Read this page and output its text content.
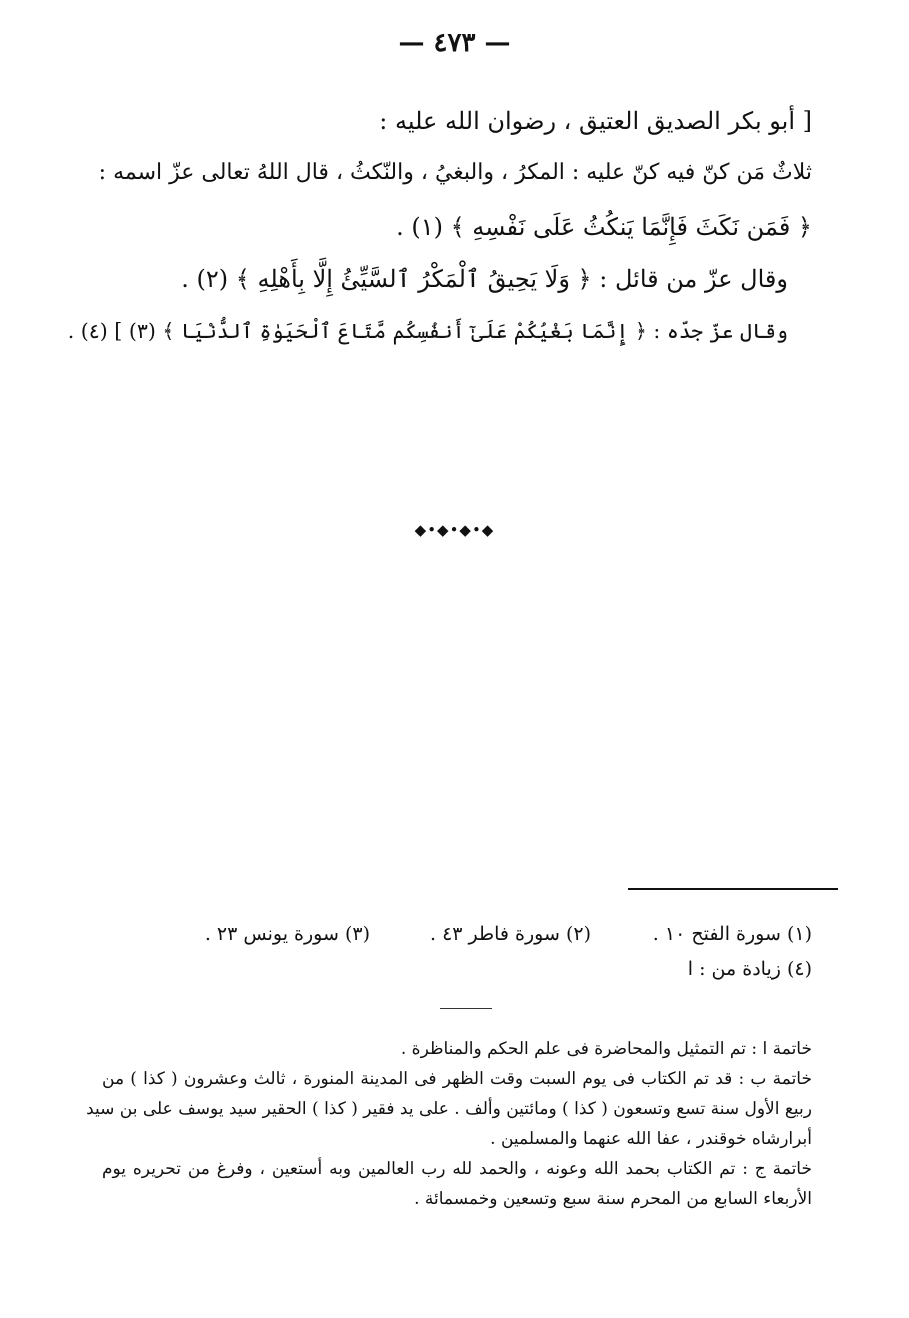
— ٤٧٣ —
[ أبو بكر الصديق العتيق ، رضوان الله عليه :
ثلاثٌ مَن كنّ فيه كنّ عليه : المكرُ ، والبغيُ ، والنّكثُ ، قال اللهُ تعالى عزّ اسمه :
﴿ فَمَن نَكَثَ فَإِنَّمَا يَنكُثُ عَلَى نَفْسِهِ ﴾ (١) .
وقال عزّ من قائل : ﴿ وَلَا يَحِيقُ ٱلْمَكْرُ ٱلسَّيِّئُ إِلَّا بِأَهْلِهِ ﴾ (٢) .
وقال عزّ جدّه : ﴿ إِنَّمَا بَغْيُكُمْ عَلَىٰٓ أَنفُسِكُم مَّتَاعَ ٱلْحَيَوٰةِ ٱلدُّنْيَا ﴾ (٣) ] (٤) .
◆•◆•◆•◆
(١) سورة الفتح ١٠ .
(٢) سورة فاطر ٤٣ .
(٣) سورة يونس ٢٣ .
(٤) زيادة من : ا
خاتمة ا : تم التمثيل والمحاضرة فى علم الحكم والمناظرة .
خاتمة ب : قد تم الكتاب فى يوم السبت وقت الظهر فى المدينة المنورة ، ثالث وعشرون ( كذا ) من
ربيع الأول سنة تسع وتسعون ( كذا ) ومائتين وألف . على يد فقير ( كذا ) الحقير سيد يوسف على بن سيد
أبرارشاه خوقندر ، عفا الله عنهما والمسلمين .
خاتمة ج : تم الكتاب بحمد الله وعونه ، والحمد لله رب العالمين وبه أستعين ، وفرغ من تحريره يوم
الأربعاء السابع من المحرم سنة سبع وتسعين وخمسمائة .
